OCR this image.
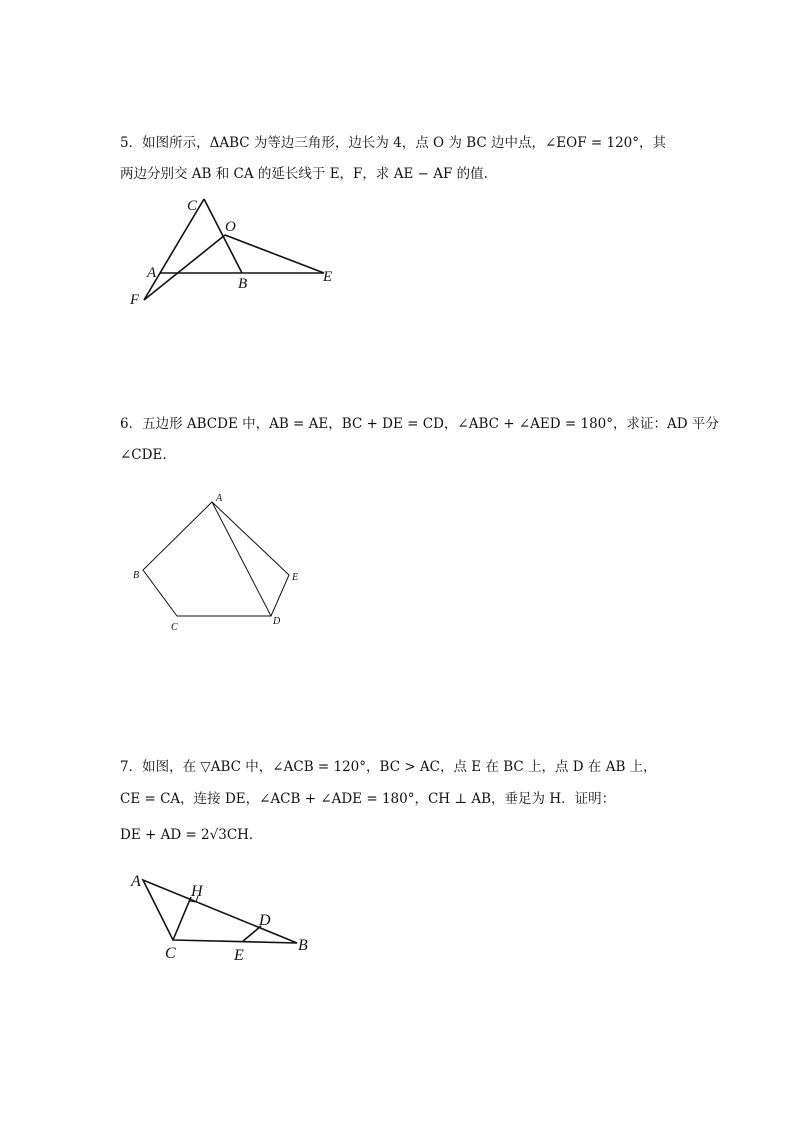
5．如图所示，ΔABC 为等边三角形，边长为 4，点 O 为 BC 边中点，∠EOF = 120°，其
两边分别交 AB 和 CA 的延长线于 E，F，求 AE − AF 的值.
C
O
A
B	E
F
6．五边形 ABCDE 中，AB = AE，BC + DE = CD，∠ABC + ∠AED = 180°，求证：AD 平分
∠CDE.
A
B
C
D
E
7．如图，在 ▽ABC 中，∠ACB = 120°，BC > AC，点 E 在 BC 上，点 D 在 AB 上，
CE = CA，连接 DE，∠ACB + ∠ADE = 180°，CH ⊥ AB，垂足为 H．证明：
DE + AD = 2√3CH．
A
H
D
B
C	E
